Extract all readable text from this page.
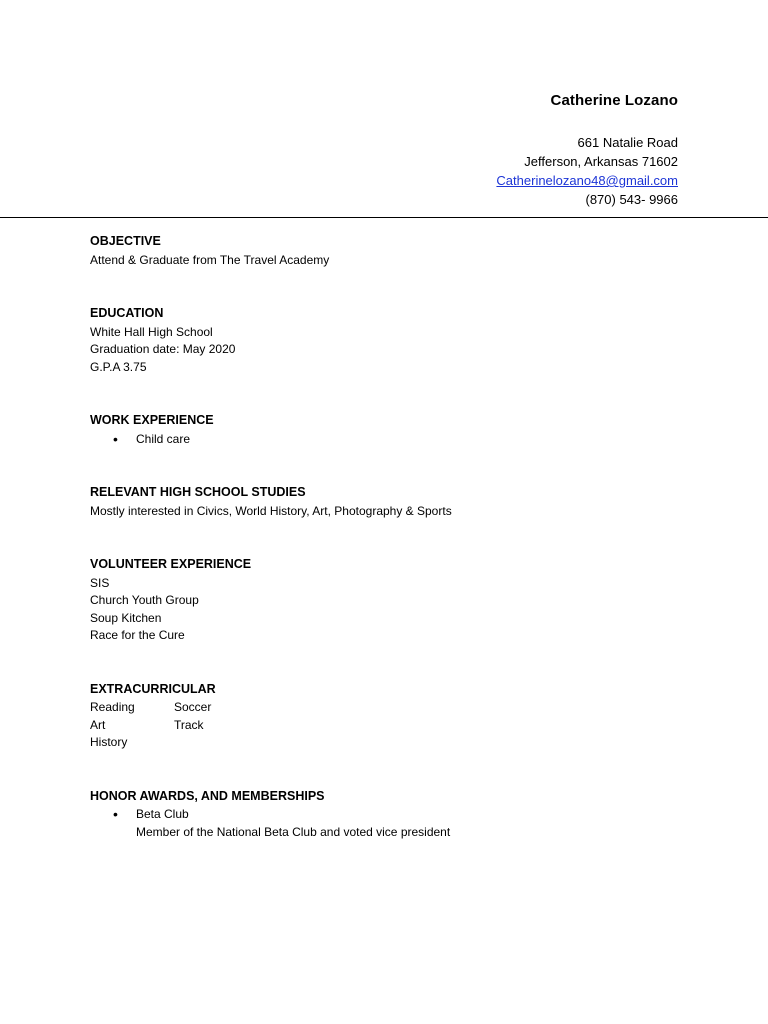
Catherine Lozano
661 Natalie Road
Jefferson, Arkansas 71602
Catherinelozano48@gmail.com
(870) 543- 9966
OBJECTIVE
Attend & Graduate from The Travel Academy
EDUCATION
White Hall High School
Graduation date: May 2020
G.P.A 3.75
WORK EXPERIENCE
• Child care
RELEVANT HIGH SCHOOL STUDIES
Mostly interested in Civics, World History, Art, Photography & Sports
VOLUNTEER EXPERIENCE
SIS
Church Youth Group
Soup Kitchen
Race for the Cure
EXTRACURRICULAR
Reading	Soccer
Art	Track
History
HONOR AWARDS, AND MEMBERSHIPS
• Beta Club
Member of the National Beta Club and voted vice president
